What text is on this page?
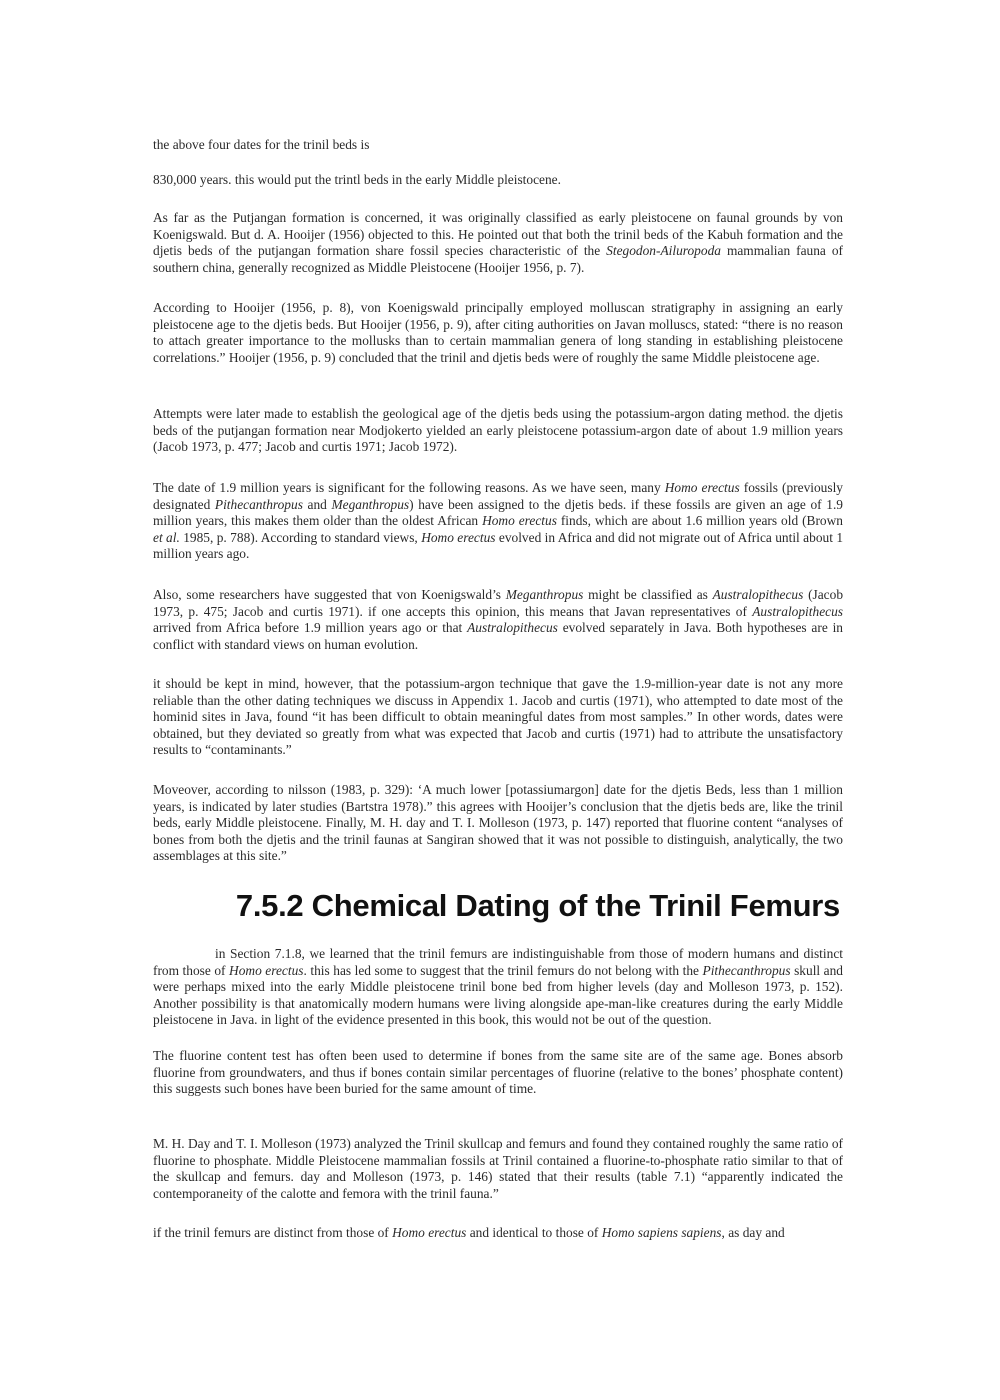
the above four dates for the trinil beds is
830,000 years. this would put the trintl beds in the early Middle pleistocene.
As far as the Putjangan formation is concerned, it was originally classified as early pleistocene on faunal grounds by von Koenigswald. But d. A. Hooijer (1956) objected to this. He pointed out that both the trinil beds of the Kabuh formation and the djetis beds of the putjangan formation share fossil species characteristic of the Stegodon-Ailuropoda mammalian fauna of southern china, generally recognized as Middle Pleistocene (Hooijer 1956, p. 7).
According to Hooijer (1956, p. 8), von Koenigswald principally employed molluscan stratigraphy in assigning an early pleistocene age to the djetis beds. But Hooijer (1956, p. 9), after citing authorities on Javan molluscs, stated: “there is no reason to attach greater importance to the mollusks than to certain mammalian genera of long standing in establishing pleistocene correlations.” Hooijer (1956, p. 9) concluded that the trinil and djetis beds were of roughly the same Middle pleistocene age.
Attempts were later made to establish the geological age of the djetis beds using the potassium-argon dating method. the djetis beds of the putjangan formation near Modjokerto yielded an early pleistocene potassium-argon date of about 1.9 million years (Jacob 1973, p. 477; Jacob and curtis 1971; Jacob 1972).
The date of 1.9 million years is significant for the following reasons. As we have seen, many Homo erectus fossils (previously designated Pithecanthropus and Meganthropus) have been assigned to the djetis beds. if these fossils are given an age of 1.9 million years, this makes them older than the oldest African Homo erectus finds, which are about 1.6 million years old (Brown et al. 1985, p. 788). According to standard views, Homo erectus evolved in Africa and did not migrate out of Africa until about 1 million years ago.
Also, some researchers have suggested that von Koenigswald’s Meganthropus might be classified as Australopithecus (Jacob 1973, p. 475; Jacob and curtis 1971). if one accepts this opinion, this means that Javan representatives of Australopithecus arrived from Africa before 1.9 million years ago or that Australopithecus evolved separately in Java. Both hypotheses are in conflict with standard views on human evolution.
it should be kept in mind, however, that the potassium-argon technique that gave the 1.9-million-year date is not any more reliable than the other dating techniques we discuss in Appendix 1. Jacob and curtis (1971), who attempted to date most of the hominid sites in Java, found “it has been difficult to obtain meaningful dates from most samples.” In other words, dates were obtained, but they deviated so greatly from what was expected that Jacob and curtis (1971) had to attribute the unsatisfactory results to “contaminants.”
Moveover, according to nilsson (1983, p. 329): ‘A much lower [potassiumargon] date for the djetis Beds, less than 1 million years, is indicated by later studies (Bartstra 1978).” this agrees with Hooijer’s conclusion that the djetis beds are, like the trinil beds, early Middle pleistocene. Finally, M. H. day and T. I. Molleson (1973, p. 147) reported that fluorine content “analyses of bones from both the djetis and the trinil faunas at Sangiran showed that it was not possible to distinguish, analytically, the two assemblages at this site.”
7.5.2 Chemical Dating of the Trinil Femurs
in Section 7.1.8, we learned that the trinil femurs are indistinguishable from those of modern humans and distinct from those of Homo erectus. this has led some to suggest that the trinil femurs do not belong with the Pithecanthropus skull and were perhaps mixed into the early Middle pleistocene trinil bone bed from higher levels (day and Molleson 1973, p. 152). Another possibility is that anatomically modern humans were living alongside ape-man-like creatures during the early Middle pleistocene in Java. in light of the evidence presented in this book, this would not be out of the question.
The fluorine content test has often been used to determine if bones from the same site are of the same age. Bones absorb fluorine from groundwaters, and thus if bones contain similar percentages of fluorine (relative to the bones’ phosphate content) this suggests such bones have been buried for the same amount of time.
M. H. Day and T. I. Molleson (1973) analyzed the Trinil skullcap and femurs and found they contained roughly the same ratio of fluorine to phosphate. Middle Pleistocene mammalian fossils at Trinil contained a fluorine-to-phosphate ratio similar to that of the skullcap and femurs. day and Molleson (1973, p. 146) stated that their results (table 7.1) “apparently indicated the contemporaneity of the calotte and femora with the trinil fauna.”
if the trinil femurs are distinct from those of Homo erectus and identical to those of Homo sapiens sapiens, as day and
